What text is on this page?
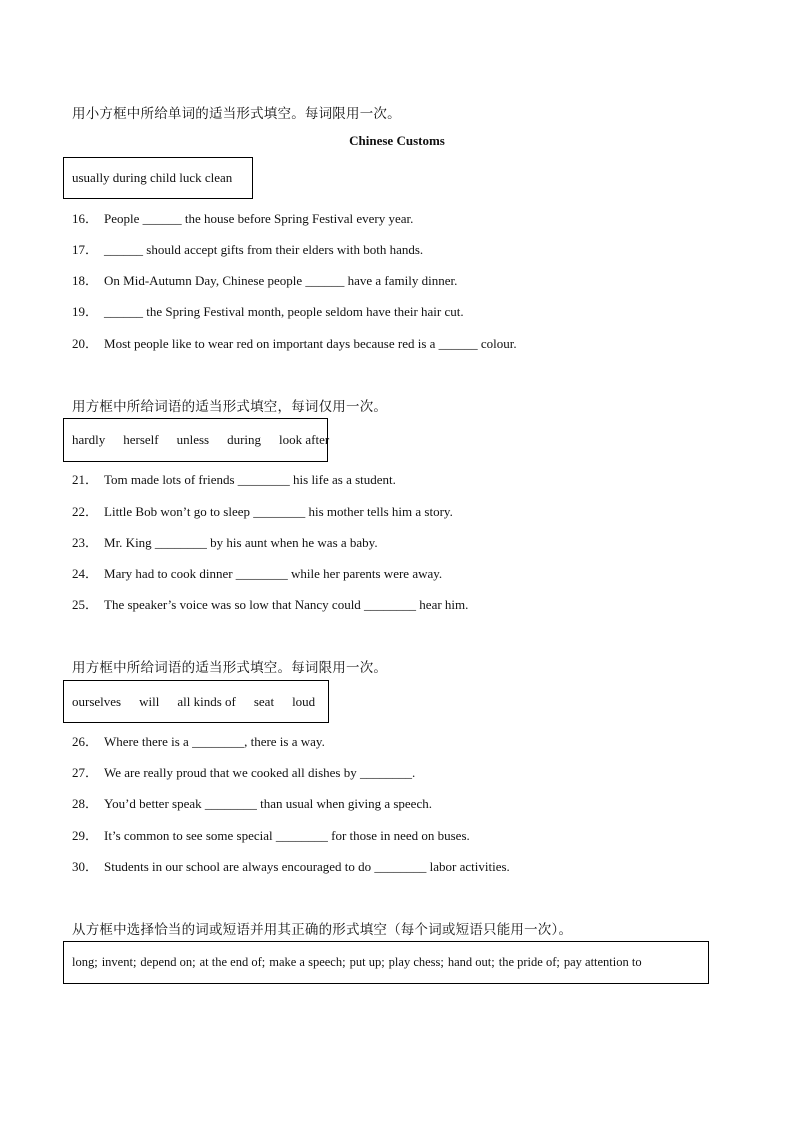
用小方框中所给单词的适当形式填空。每词限用一次。
Chinese Customs
usually during child luck clean
16． People ______ the house before Spring Festival every year.
17． ______ should accept gifts from their elders with both hands.
18． On Mid-Autumn Day, Chinese people ______ have a family dinner.
19． ______ the Spring Festival month, people seldom have their hair cut.
20． Most people like to wear red on important days because red is a ______ colour.
用方框中所给词语的适当形式填空，每词仅用一次。
hardly herself unless during look after
21． Tom made lots of friends ________ his life as a student.
22． Little Bob won’t go to sleep ________ his mother tells him a story.
23． Mr. King ________ by his aunt when he was a baby.
24． Mary had to cook dinner ________ while her parents were away.
25． The speaker’s voice was so low that Nancy could ________ hear him.
用方框中所给词语的适当形式填空。每词限用一次。
ourselves will all kinds of seat loud
26． Where there is a ________, there is a way.
27． We are really proud that we cooked all dishes by ________.
28． You’d better speak ________ than usual when giving a speech.
29． It’s common to see some special ________ for those in need on buses.
30． Students in our school are always encouraged to do ________ labor activities.
从方框中选择恰当的词或短语并用其正确的形式填空（每个词或短语只能用一次）。
long; invent; depend on; at the end of; make a speech; put up; play chess; hand out; the pride of; pay attention to
